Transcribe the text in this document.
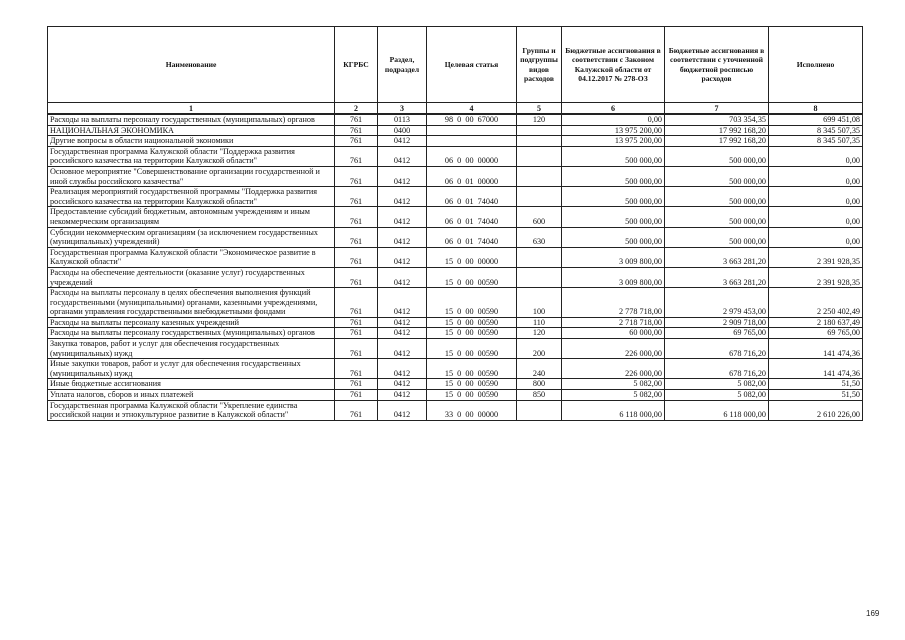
Наименование	КГРБС	Раздел, подраздел	Целевая статья	Группы и подгруппы видов расходов	Бюджетные ассигнования в соответствии с Законом Калужской области от 04.12.2017 № 278-ОЗ	Бюджетные ассигнования в соответствии с уточненной бюджетной росписью расходов	Исполнено
1	2	3	4	5	6	7	8
Расходы на выплаты персоналу государственных (муниципальных) органов	761	0113	98  0  00  67000	120	0,00	703 354,35	699 451,08
НАЦИОНАЛЬНАЯ ЭКОНОМИКА	761	0400			13 975 200,00	17 992 168,20	8 345 507,35
Другие вопросы в области национальной экономики	761	0412			13 975 200,00	17 992 168,20	8 345 507,35
Государственная программа Калужской области "Поддержка развития российского казачества на территории Калужской области"	761	0412	06  0  00  00000		500 000,00	500 000,00	0,00
Основное мероприятие "Совершенствование организации государственной и иной службы российского казачества"	761	0412	06  0  01  00000		500 000,00	500 000,00	0,00
Реализация мероприятий государственной программы "Поддержка развития российского казачества на территории Калужской области"	761	0412	06  0  01  74040		500 000,00	500 000,00	0,00
Предоставление субсидий бюджетным, автономным учреждениям и иным некоммерческим организациям	761	0412	06  0  01  74040	600	500 000,00	500 000,00	0,00
Субсидии некоммерческим организациям (за исключением государственных (муниципальных) учреждений)	761	0412	06  0  01  74040	630	500 000,00	500 000,00	0,00
Государственная программа Калужской области "Экономическое развитие в Калужской области"	761	0412	15  0  00  00000		3 009 800,00	3 663 281,20	2 391 928,35
Расходы на обеспечение деятельности (оказание услуг) государственных учреждений	761	0412	15  0  00  00590		3 009 800,00	3 663 281,20	2 391 928,35
Расходы на выплаты персоналу в целях обеспечения выполнения функций государственными (муниципальными) органами, казенными учреждениями, органами управления государственными внебюджетными фондами	761	0412	15  0  00  00590	100	2 778 718,00	2 979 453,00	2 250 402,49
Расходы на выплаты персоналу казенных учреждений	761	0412	15  0  00  00590	110	2 718 718,00	2 909 718,00	2 180 637,49
Расходы на выплаты персоналу государственных (муниципальных) органов	761	0412	15  0  00  00590	120	60 000,00	69 765,00	69 765,00
Закупка товаров, работ и услуг для обеспечения государственных (муниципальных) нужд	761	0412	15  0  00  00590	200	226 000,00	678 716,20	141 474,36
Иные закупки товаров, работ и услуг для обеспечения государственных (муниципальных) нужд	761	0412	15  0  00  00590	240	226 000,00	678 716,20	141 474,36
Иные бюджетные ассигнования	761	0412	15  0  00  00590	800	5 082,00	5 082,00	51,50
Уплата налогов, сборов и иных платежей	761	0412	15  0  00  00590	850	5 082,00	5 082,00	51,50
Государственная программа Калужской области "Укрепление единства российской нации и этнокультурное развитие в Калужской области"	761	0412	33  0  00  00000		6 118 000,00	6 118 000,00	2 610 226,00
169
